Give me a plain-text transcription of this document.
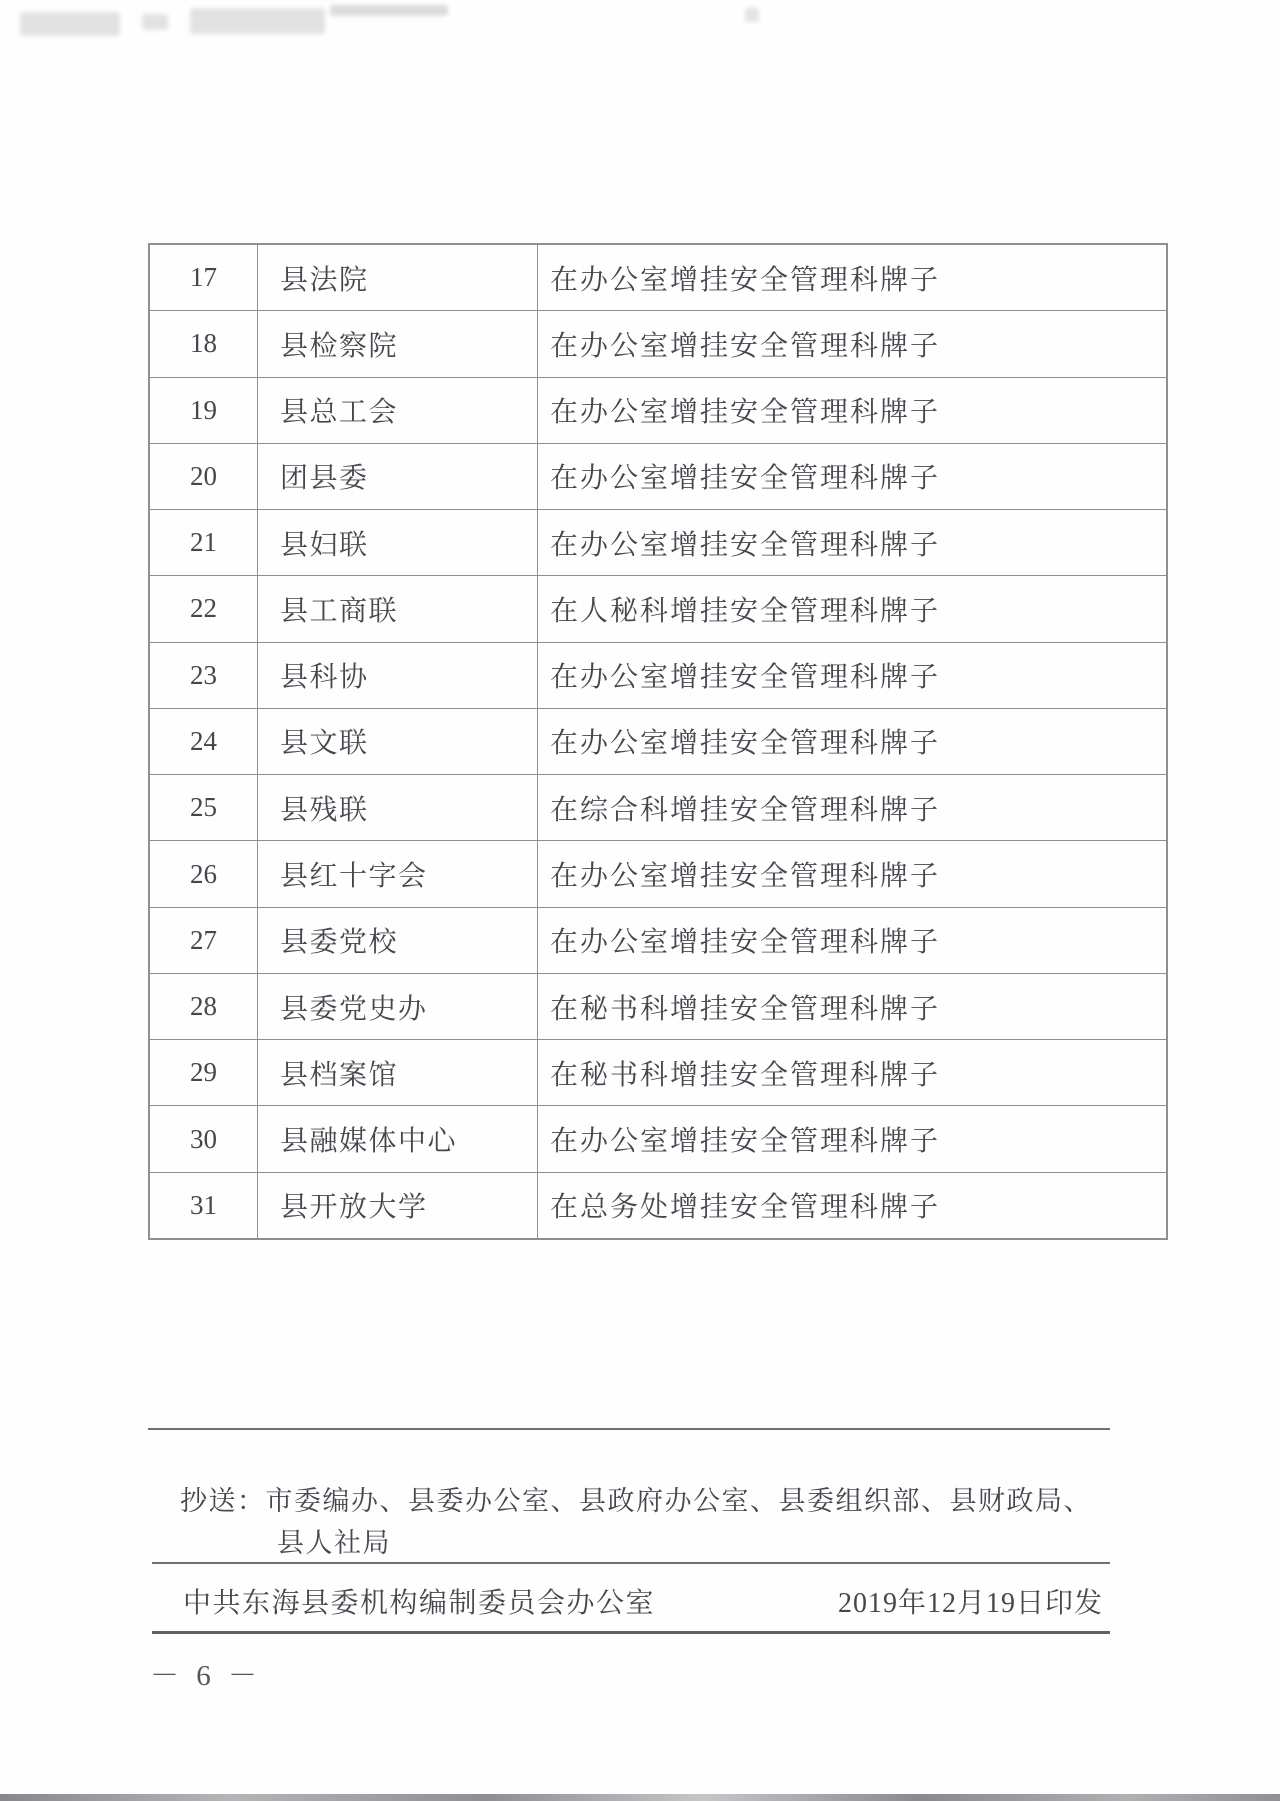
17	县法院	在办公室增挂安全管理科牌子
18	县检察院	在办公室增挂安全管理科牌子
19	县总工会	在办公室增挂安全管理科牌子
20	团县委	在办公室增挂安全管理科牌子
21	县妇联	在办公室增挂安全管理科牌子
22	县工商联	在人秘科增挂安全管理科牌子
23	县科协	在办公室增挂安全管理科牌子
24	县文联	在办公室增挂安全管理科牌子
25	县残联	在综合科增挂安全管理科牌子
26	县红十字会	在办公室增挂安全管理科牌子
27	县委党校	在办公室增挂安全管理科牌子
28	县委党史办	在秘书科增挂安全管理科牌子
29	县档案馆	在秘书科增挂安全管理科牌子
30	县融媒体中心	在办公室增挂安全管理科牌子
31	县开放大学	在总务处增挂安全管理科牌子
抄送：市委编办、县委办公室、县政府办公室、县委组织部、县财政局、
县人社局
中共东海县委机构编制委员会办公室	2019年12月19日印发
－ 6 －
